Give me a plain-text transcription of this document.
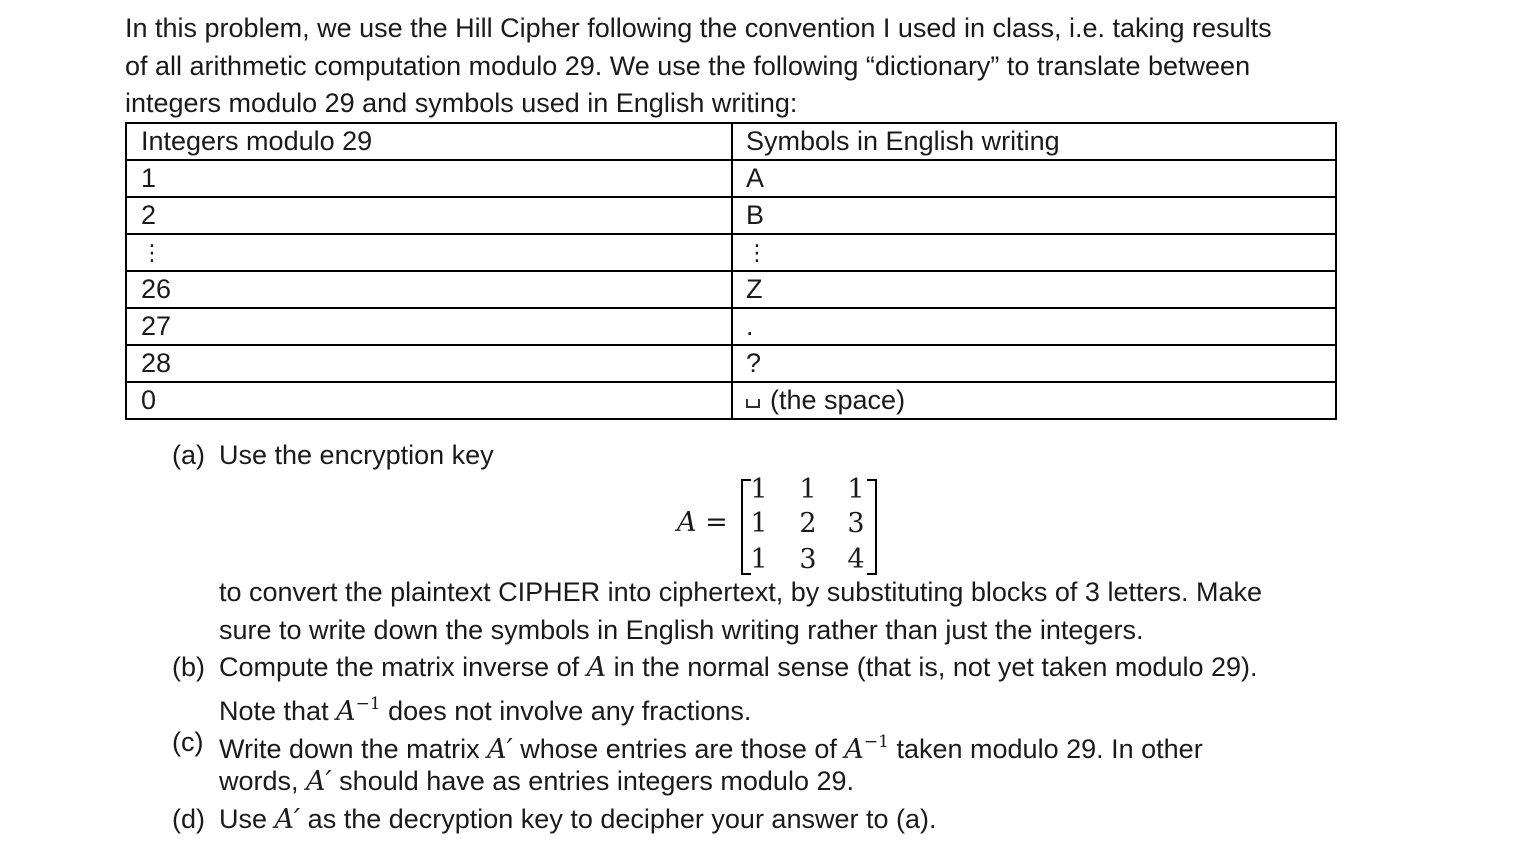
In this problem, we use the Hill Cipher following the convention I used in class, i.e. taking results
of all arithmetic computation modulo 29. We use the following “dictionary” to translate between
integers modulo 29 and symbols used in English writing:
Integers modulo 29	Symbols in English writing
1	A
2	B
⋮	⋮
26	Z
27	.
28	?
0	(the space)
(a) Use the encryption key
A =
1 1 1
1 2 3
1 3 4
to convert the plaintext CIPHER into ciphertext, by substituting blocks of 3 letters. Make
sure to write down the symbols in English writing rather than just the integers.
(b) Compute the matrix inverse of A in the normal sense (that is, not yet taken modulo 29).
Note that $A^{-1}$ does not involve any fractions.
(c) Write down the matrix A′ whose entries are those of $A^{-1}$ taken modulo 29. In other
words, A′ should have as entries integers modulo 29.
(d) Use A′ as the decryption key to decipher your answer to (a).
